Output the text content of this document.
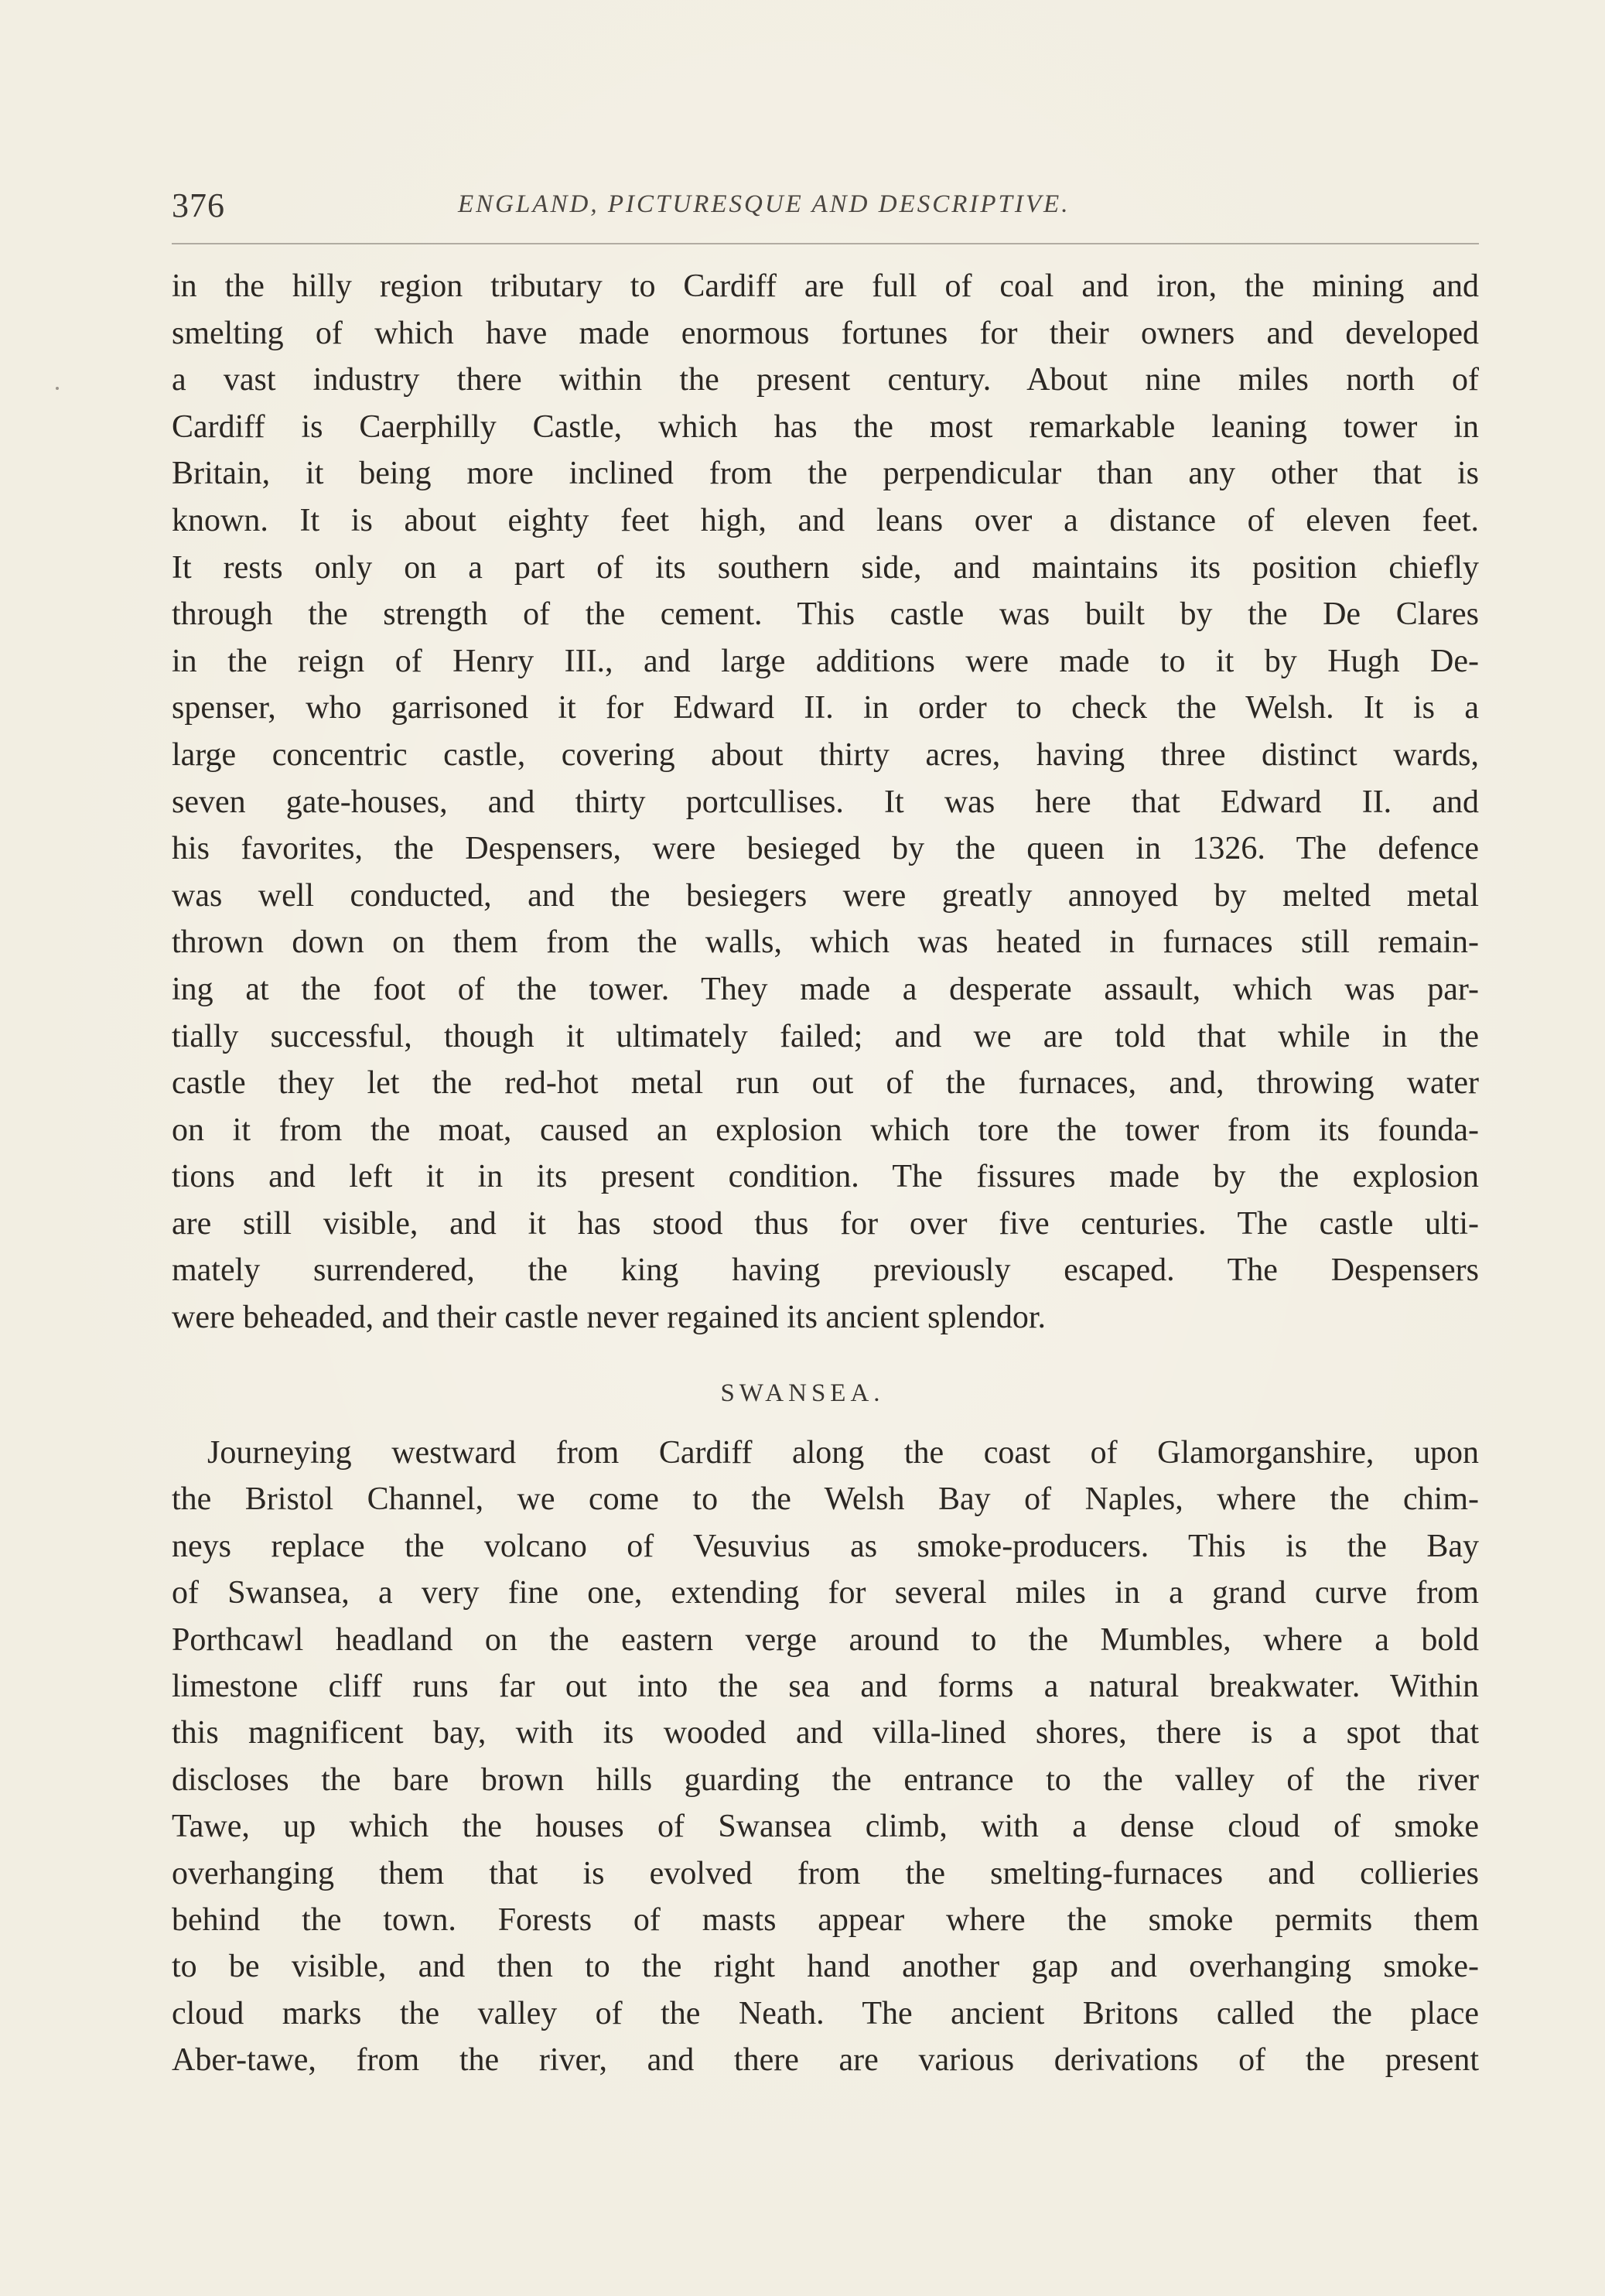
376	ENGLAND, PICTURESQUE AND DESCRIPTIVE.
in the hilly region tributary to Cardiff are full of coal and iron, the mining and
smelting of which have made enormous fortunes for their owners and developed
a vast industry there within the present century. About nine miles north of
Cardiff is Caerphilly Castle, which has the most remarkable leaning tower in
Britain, it being more inclined from the perpendicular than any other that is
known. It is about eighty feet high, and leans over a distance of eleven feet.
It rests only on a part of its southern side, and maintains its position chiefly
through the strength of the cement. This castle was built by the De Clares
in the reign of Henry III., and large additions were made to it by Hugh De-
spenser, who garrisoned it for Edward II. in order to check the Welsh. It is a
large concentric castle, covering about thirty acres, having three distinct wards,
seven gate-houses, and thirty portcullises. It was here that Edward II. and
his favorites, the Despensers, were besieged by the queen in 1326. The defence
was well conducted, and the besiegers were greatly annoyed by melted metal
thrown down on them from the walls, which was heated in furnaces still remain-
ing at the foot of the tower. They made a desperate assault, which was par-
tially successful, though it ultimately failed; and we are told that while in the
castle they let the red-hot metal run out of the furnaces, and, throwing water
on it from the moat, caused an explosion which tore the tower from its founda-
tions and left it in its present condition. The fissures made by the explosion
are still visible, and it has stood thus for over five centuries. The castle ulti-
mately surrendered, the king having previously escaped. The Despensers
were beheaded, and their castle never regained its ancient splendor.
SWANSEA.
Journeying westward from Cardiff along the coast of Glamorganshire, upon
the Bristol Channel, we come to the Welsh Bay of Naples, where the chim-
neys replace the volcano of Vesuvius as smoke-producers. This is the Bay
of Swansea, a very fine one, extending for several miles in a grand curve from
Porthcawl headland on the eastern verge around to the Mumbles, where a bold
limestone cliff runs far out into the sea and forms a natural breakwater. Within
this magnificent bay, with its wooded and villa-lined shores, there is a spot that
discloses the bare brown hills guarding the entrance to the valley of the river
Tawe, up which the houses of Swansea climb, with a dense cloud of smoke
overhanging them that is evolved from the smelting-furnaces and collieries
behind the town. Forests of masts appear where the smoke permits them
to be visible, and then to the right hand another gap and overhanging smoke-
cloud marks the valley of the Neath. The ancient Britons called the place
Aber-tawe, from the river, and there are various derivations of the present
